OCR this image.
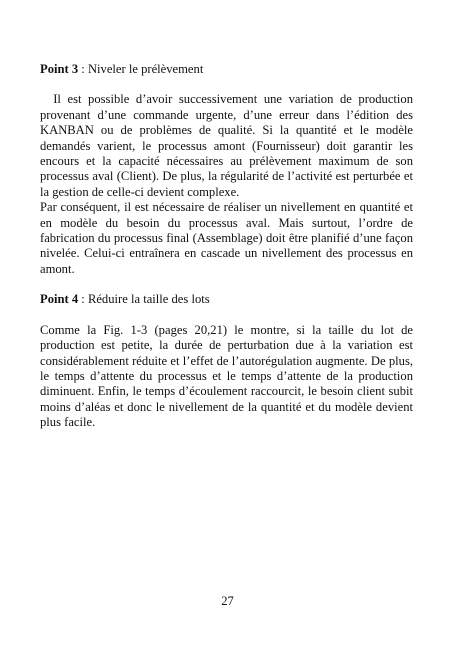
Point 3 : Niveler le prélèvement

Il est possible d’avoir successivement une variation de production provenant d’une commande urgente, d’une erreur dans l’édition des KANBAN ou de problèmes de qualité. Si la quantité et le modèle demandés varient, le processus amont (Fournisseur) doit garantir les encours et la capacité nécessaires au prélèvement maximum de son processus aval (Client). De plus, la régularité de l’activité est perturbée et la gestion de celle-ci devient complexe.

Par conséquent, il est nécessaire de réaliser un nivellement en quantité et en modèle du besoin du processus aval. Mais surtout, l’ordre de fabrication du processus final (Assemblage) doit être planifié d’une façon nivelée. Celui-ci entraînera en cascade un nivellement des processus en amont.

Point 4 : Réduire la taille des lots

Comme la Fig. 1-3 (pages 20,21) le montre, si la taille du lot de production est petite, la durée de perturbation due à la variation est considérablement réduite et l’effet de l’autorégulation augmente. De plus, le temps d’attente du processus et le temps d’attente de la production diminuent. Enfin, le temps d’écoulement raccourcit, le besoin client subit moins d’aléas et donc le nivellement de la quantité et du modèle devient plus facile.

27
